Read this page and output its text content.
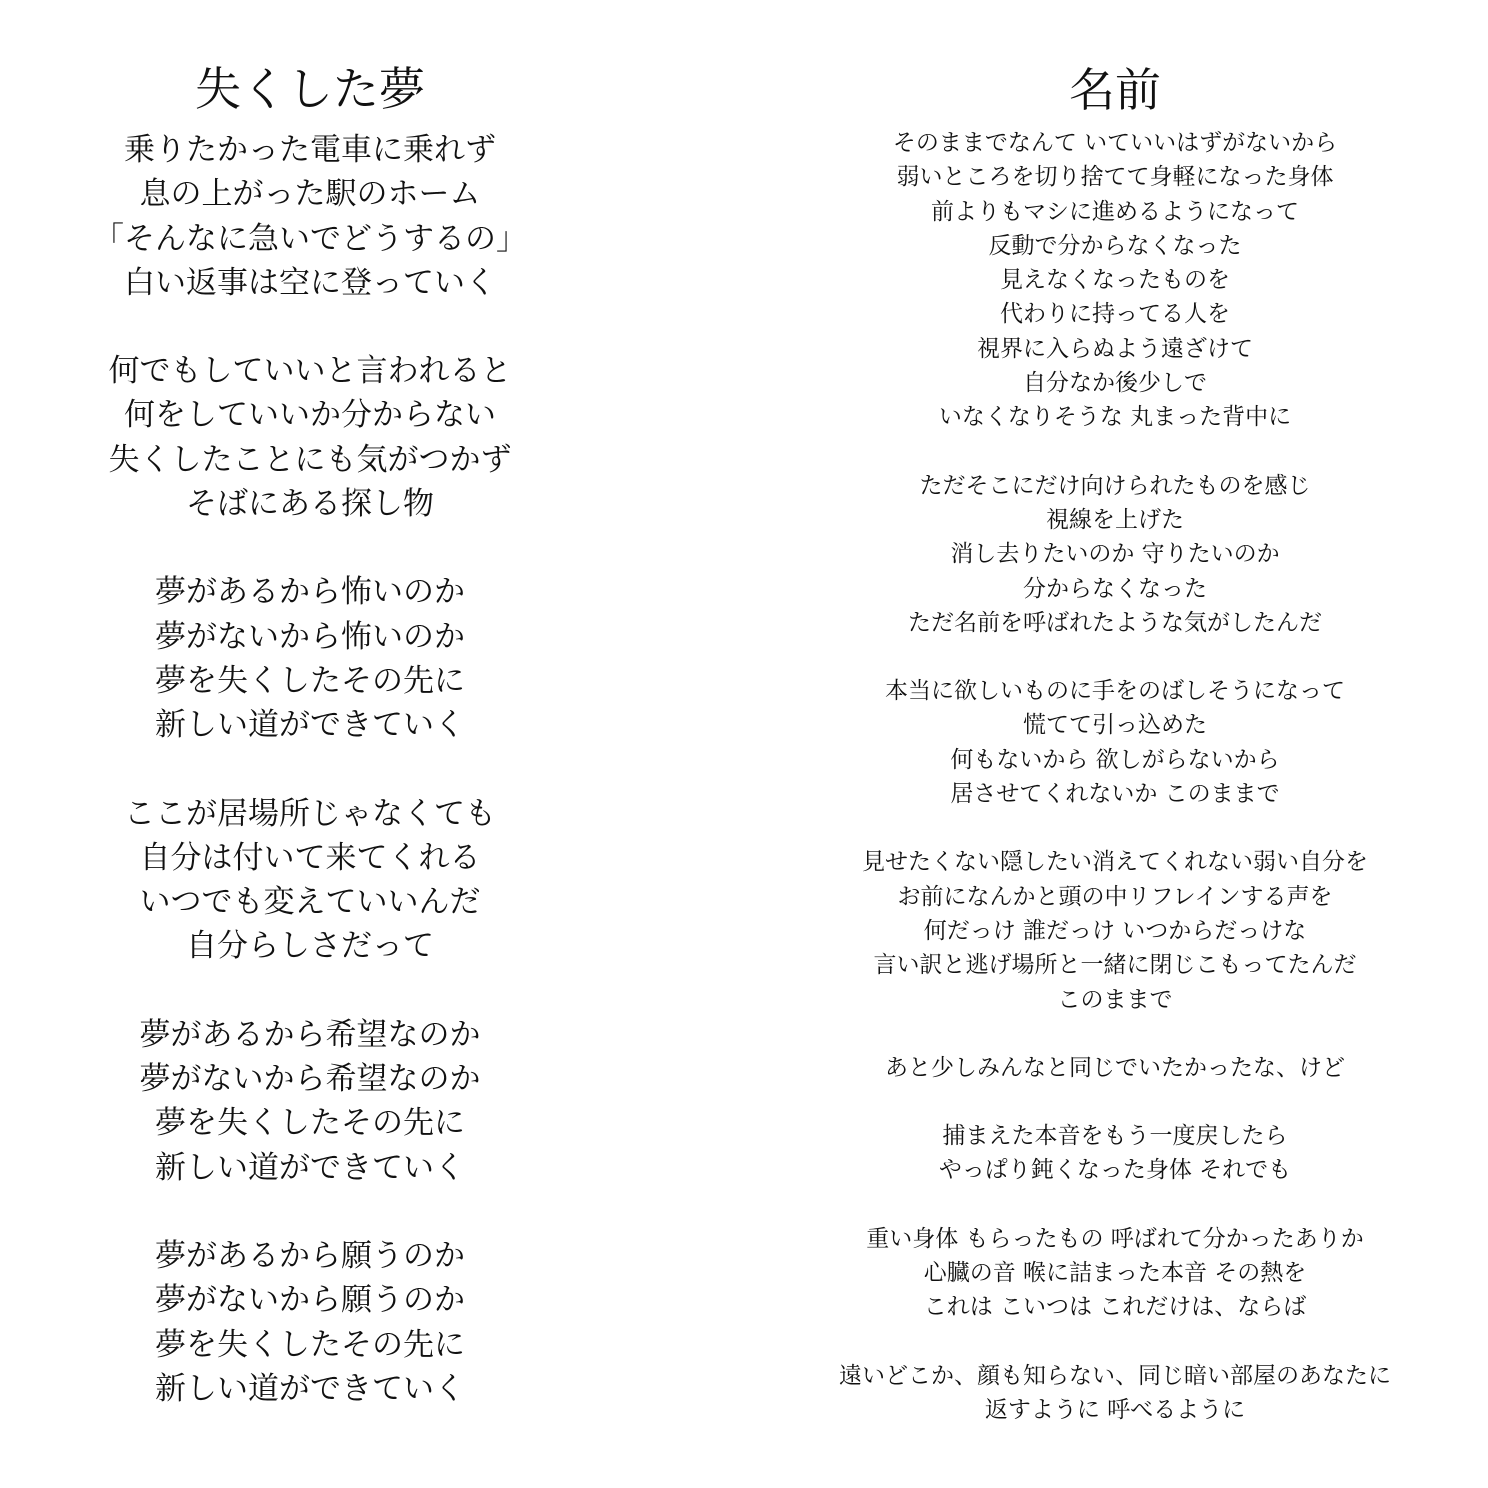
失くした夢

乗りたかった電車に乗れず
息の上がった駅のホーム
「そんなに急いでどうするの」
白い返事は空に登っていく

何でもしていいと言われると
何をしていいか分からない
失くしたことにも気がつかず
そばにある探し物

夢があるから怖いのか
夢がないから怖いのか
夢を失くしたその先に
新しい道ができていく

ここが居場所じゃなくても
自分は付いて来てくれる
いつでも変えていいんだ
自分らしさだって

夢があるから希望なのか
夢がないから希望なのか
夢を失くしたその先に
新しい道ができていく

夢があるから願うのか
夢がないから願うのか
夢を失くしたその先に
新しい道ができていく

名前

そのままでなんて いていいはずがないから
弱いところを切り捨てて身軽になった身体
前よりもマシに進めるようになって
反動で分からなくなった
見えなくなったものを
代わりに持ってる人を
視界に入らぬよう遠ざけて
自分なか後少しで
いなくなりそうな 丸まった背中に

ただそこにだけ向けられたものを感じ
視線を上げた
消し去りたいのか 守りたいのか
分からなくなった
ただ名前を呼ばれたような気がしたんだ

本当に欲しいものに手をのばしそうになって
慌てて引っ込めた
何もないから 欲しがらないから
居させてくれないか このままで

見せたくない隠したい消えてくれない弱い自分を
お前になんかと頭の中リフレインする声を
何だっけ 誰だっけ いつからだっけな
言い訳と逃げ場所と一緒に閉じこもってたんだ
このままで

あと少しみんなと同じでいたかったな、けど

捕まえた本音をもう一度戻したら
やっぱり鈍くなった身体 それでも

重い身体 もらったもの 呼ばれて分かったありか
心臓の音 喉に詰まった本音 その熱を
これは こいつは これだけは、ならば

遠いどこか、顔も知らない、同じ暗い部屋のあなたに
返すように 呼べるように
